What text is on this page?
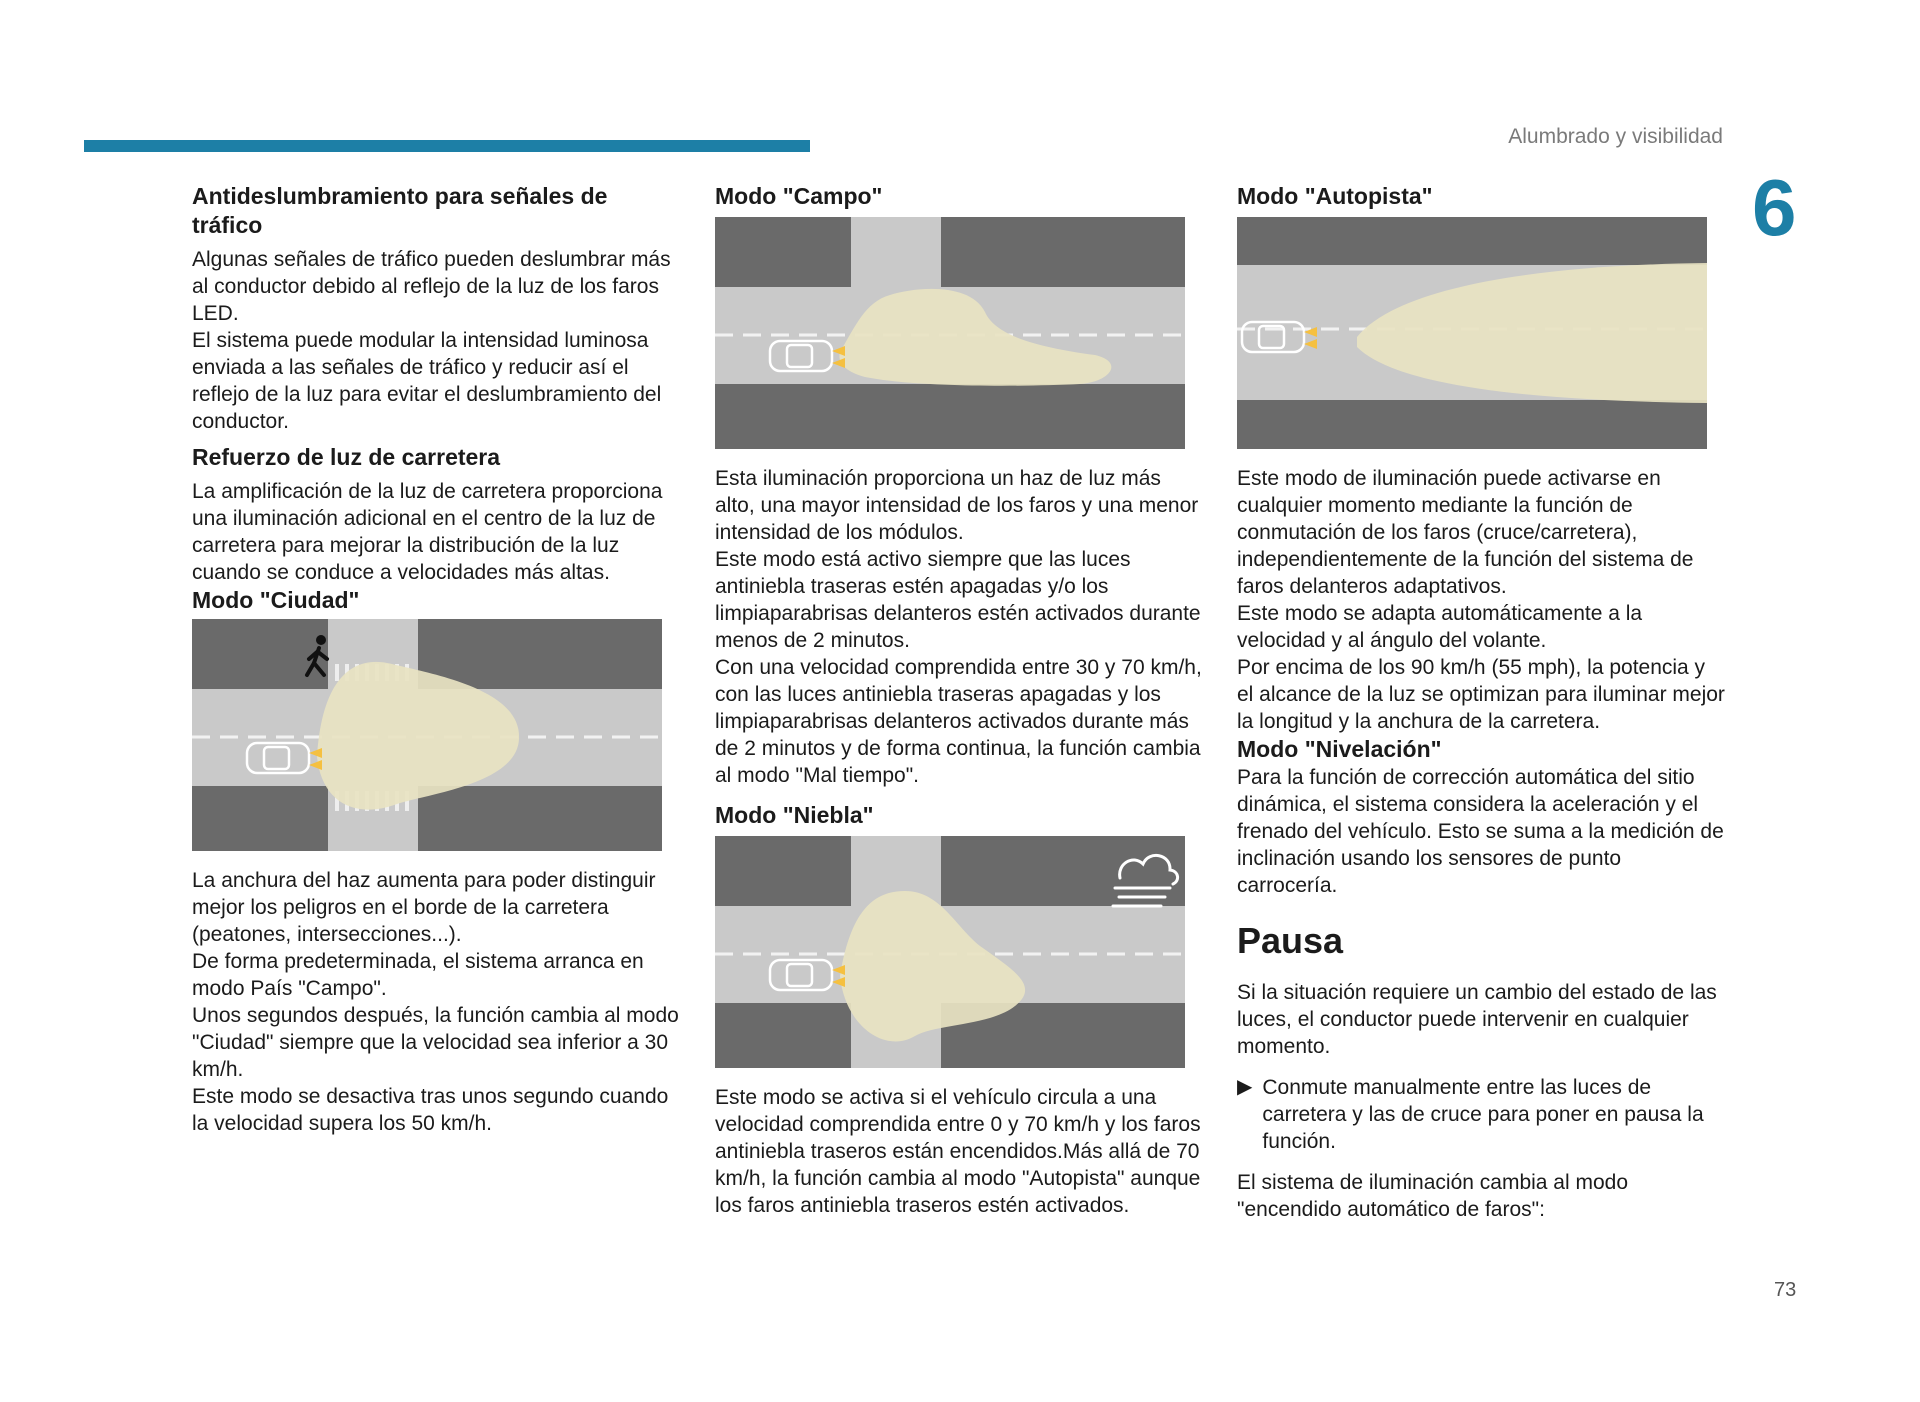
Alumbrado y visibilidad
6
Antideslumbramiento para señales de tráfico

Algunas señales de tráfico pueden deslumbrar más al conductor debido al reflejo de la luz de los faros LED.

El sistema puede modular la intensidad luminosa enviada a las señales de tráfico y reducir así el reflejo de la luz para evitar el deslumbramiento del conductor.

Refuerzo de luz de carretera

La amplificación de la luz de carretera proporciona una iluminación adicional en el centro de la luz de carretera para mejorar la distribución de la luz cuando se conduce a velocidades más altas.

Modo "Ciudad"

La anchura del haz aumenta para poder distinguir mejor los peligros en el borde de la carretera (peatones, intersecciones...).

De forma predeterminada, el sistema arranca en modo País "Campo".

Unos segundos después, la función cambia al modo "Ciudad" siempre que la velocidad sea inferior a 30 km/h.

Este modo se desactiva tras unos segundo cuando la velocidad supera los 50 km/h.

Modo "Campo"

Esta iluminación proporciona un haz de luz más alto, una mayor intensidad de los faros y una menor intensidad de los módulos.

Este modo está activo siempre que las luces antiniebla traseras estén apagadas y/o los limpiaparabrisas delanteros estén activados durante menos de 2 minutos.

Con una velocidad comprendida entre 30 y 70 km/h, con las luces antiniebla traseras apagadas y los limpiaparabrisas delanteros activados durante más de 2 minutos y de forma continua, la función cambia al modo "Mal tiempo".

Modo "Niebla"

Este modo se activa si el vehículo circula a una velocidad comprendida entre 0 y 70 km/h y los faros antiniebla traseros están encendidos.Más allá de 70 km/h, la función cambia al modo "Autopista" aunque los faros antiniebla traseros estén activados.

Modo "Autopista"

Este modo de iluminación puede activarse en cualquier momento mediante la función de conmutación de los faros (cruce/carretera), independientemente de la función del sistema de faros delanteros adaptativos.

Este modo se adapta automáticamente a la velocidad y al ángulo del volante.

Por encima de los 90 km/h (55 mph), la potencia y el alcance de la luz se optimizan para iluminar mejor la longitud y la anchura de la carretera.

Modo "Nivelación"

Para la función de corrección automática del sitio dinámica, el sistema considera la aceleración y el frenado del vehículo. Esto se suma a la medición de inclinación usando los sensores de punto carrocería.

Pausa

Si la situación requiere un cambio del estado de las luces, el conductor puede intervenir en cualquier momento.

▶ Conmute manualmente entre las luces de carretera y las de cruce para poner en pausa la función.

El sistema de iluminación cambia al modo "encendido automático de faros":

73
